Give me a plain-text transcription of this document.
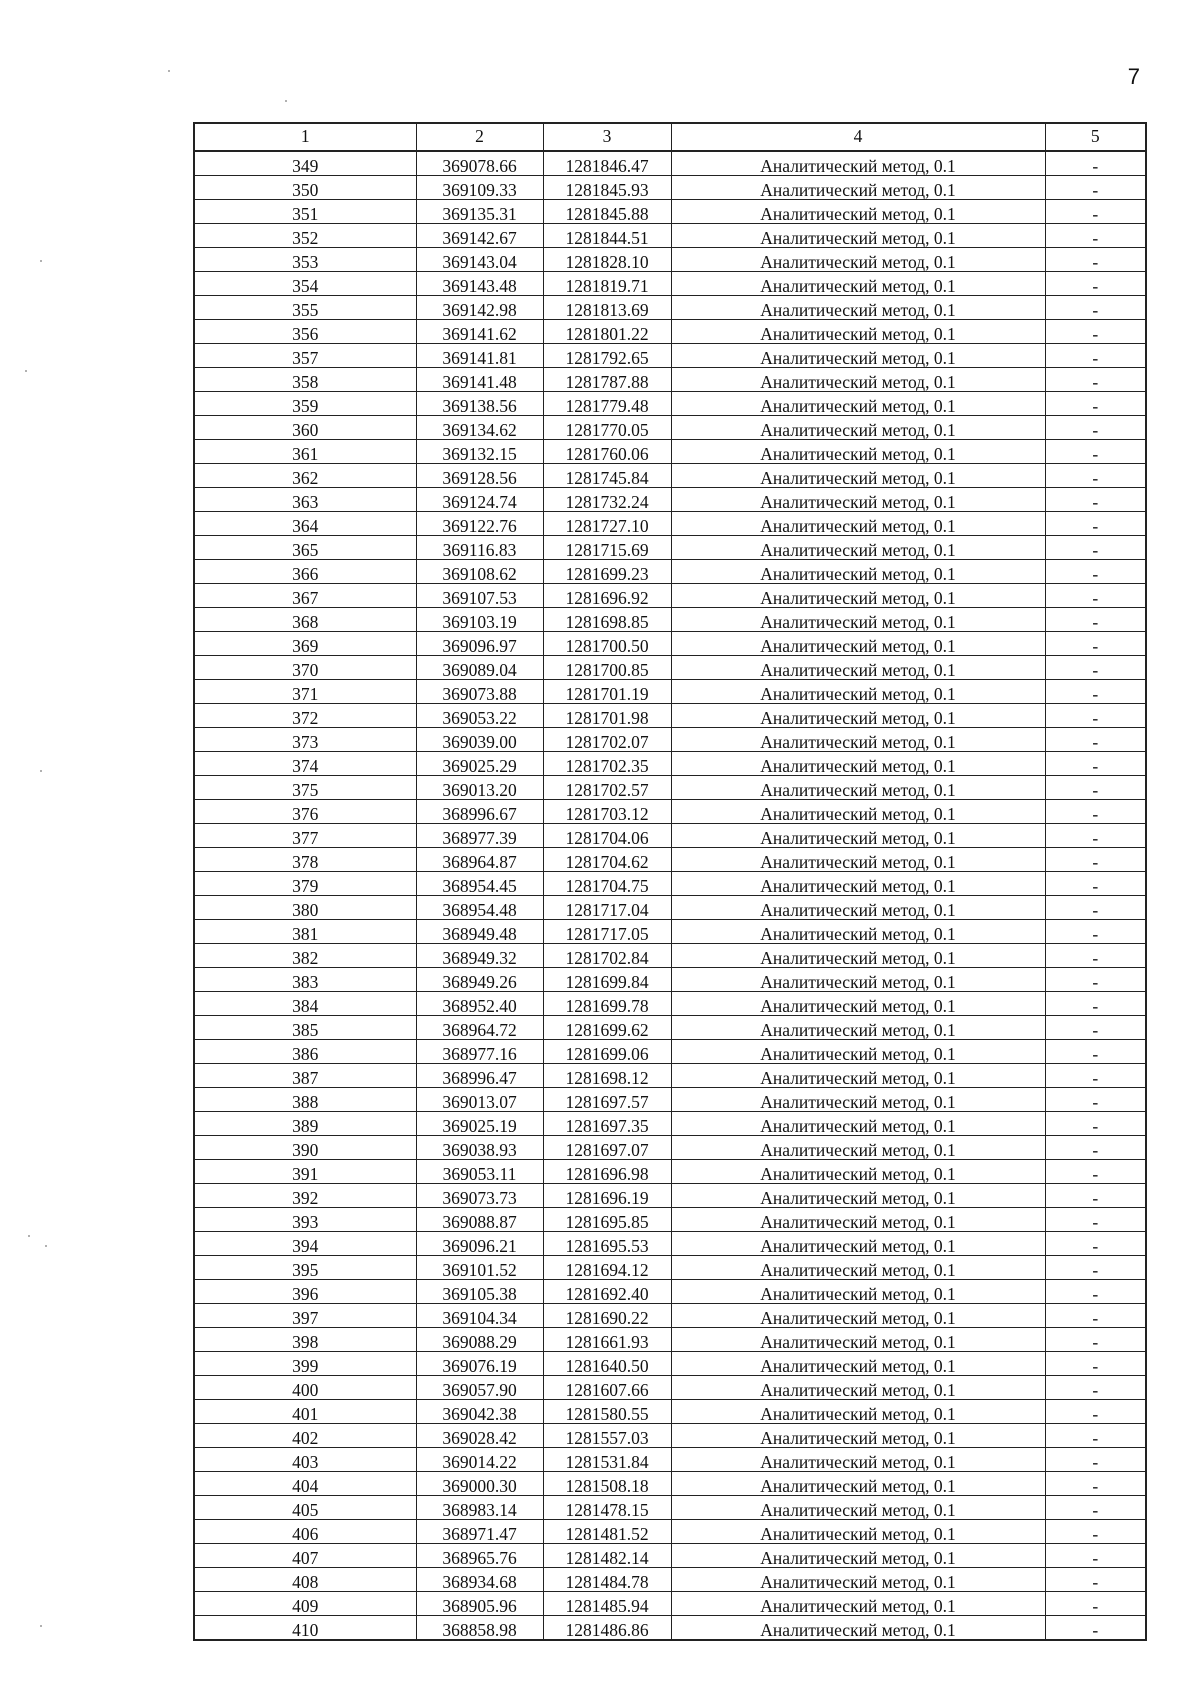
7
1	2	3	4	5
349	369078.66	1281846.47	Аналитический метод, 0.1	-
350	369109.33	1281845.93	Аналитический метод, 0.1	-
351	369135.31	1281845.88	Аналитический метод, 0.1	-
352	369142.67	1281844.51	Аналитический метод, 0.1	-
353	369143.04	1281828.10	Аналитический метод, 0.1	-
354	369143.48	1281819.71	Аналитический метод, 0.1	-
355	369142.98	1281813.69	Аналитический метод, 0.1	-
356	369141.62	1281801.22	Аналитический метод, 0.1	-
357	369141.81	1281792.65	Аналитический метод, 0.1	-
358	369141.48	1281787.88	Аналитический метод, 0.1	-
359	369138.56	1281779.48	Аналитический метод, 0.1	-
360	369134.62	1281770.05	Аналитический метод, 0.1	-
361	369132.15	1281760.06	Аналитический метод, 0.1	-
362	369128.56	1281745.84	Аналитический метод, 0.1	-
363	369124.74	1281732.24	Аналитический метод, 0.1	-
364	369122.76	1281727.10	Аналитический метод, 0.1	-
365	369116.83	1281715.69	Аналитический метод, 0.1	-
366	369108.62	1281699.23	Аналитический метод, 0.1	-
367	369107.53	1281696.92	Аналитический метод, 0.1	-
368	369103.19	1281698.85	Аналитический метод, 0.1	-
369	369096.97	1281700.50	Аналитический метод, 0.1	-
370	369089.04	1281700.85	Аналитический метод, 0.1	-
371	369073.88	1281701.19	Аналитический метод, 0.1	-
372	369053.22	1281701.98	Аналитический метод, 0.1	-
373	369039.00	1281702.07	Аналитический метод, 0.1	-
374	369025.29	1281702.35	Аналитический метод, 0.1	-
375	369013.20	1281702.57	Аналитический метод, 0.1	-
376	368996.67	1281703.12	Аналитический метод, 0.1	-
377	368977.39	1281704.06	Аналитический метод, 0.1	-
378	368964.87	1281704.62	Аналитический метод, 0.1	-
379	368954.45	1281704.75	Аналитический метод, 0.1	-
380	368954.48	1281717.04	Аналитический метод, 0.1	-
381	368949.48	1281717.05	Аналитический метод, 0.1	-
382	368949.32	1281702.84	Аналитический метод, 0.1	-
383	368949.26	1281699.84	Аналитический метод, 0.1	-
384	368952.40	1281699.78	Аналитический метод, 0.1	-
385	368964.72	1281699.62	Аналитический метод, 0.1	-
386	368977.16	1281699.06	Аналитический метод, 0.1	-
387	368996.47	1281698.12	Аналитический метод, 0.1	-
388	369013.07	1281697.57	Аналитический метод, 0.1	-
389	369025.19	1281697.35	Аналитический метод, 0.1	-
390	369038.93	1281697.07	Аналитический метод, 0.1	-
391	369053.11	1281696.98	Аналитический метод, 0.1	-
392	369073.73	1281696.19	Аналитический метод, 0.1	-
393	369088.87	1281695.85	Аналитический метод, 0.1	-
394	369096.21	1281695.53	Аналитический метод, 0.1	-
395	369101.52	1281694.12	Аналитический метод, 0.1	-
396	369105.38	1281692.40	Аналитический метод, 0.1	-
397	369104.34	1281690.22	Аналитический метод, 0.1	-
398	369088.29	1281661.93	Аналитический метод, 0.1	-
399	369076.19	1281640.50	Аналитический метод, 0.1	-
400	369057.90	1281607.66	Аналитический метод, 0.1	-
401	369042.38	1281580.55	Аналитический метод, 0.1	-
402	369028.42	1281557.03	Аналитический метод, 0.1	-
403	369014.22	1281531.84	Аналитический метод, 0.1	-
404	369000.30	1281508.18	Аналитический метод, 0.1	-
405	368983.14	1281478.15	Аналитический метод, 0.1	-
406	368971.47	1281481.52	Аналитический метод, 0.1	-
407	368965.76	1281482.14	Аналитический метод, 0.1	-
408	368934.68	1281484.78	Аналитический метод, 0.1	-
409	368905.96	1281485.94	Аналитический метод, 0.1	-
410	368858.98	1281486.86	Аналитический метод, 0.1	-
